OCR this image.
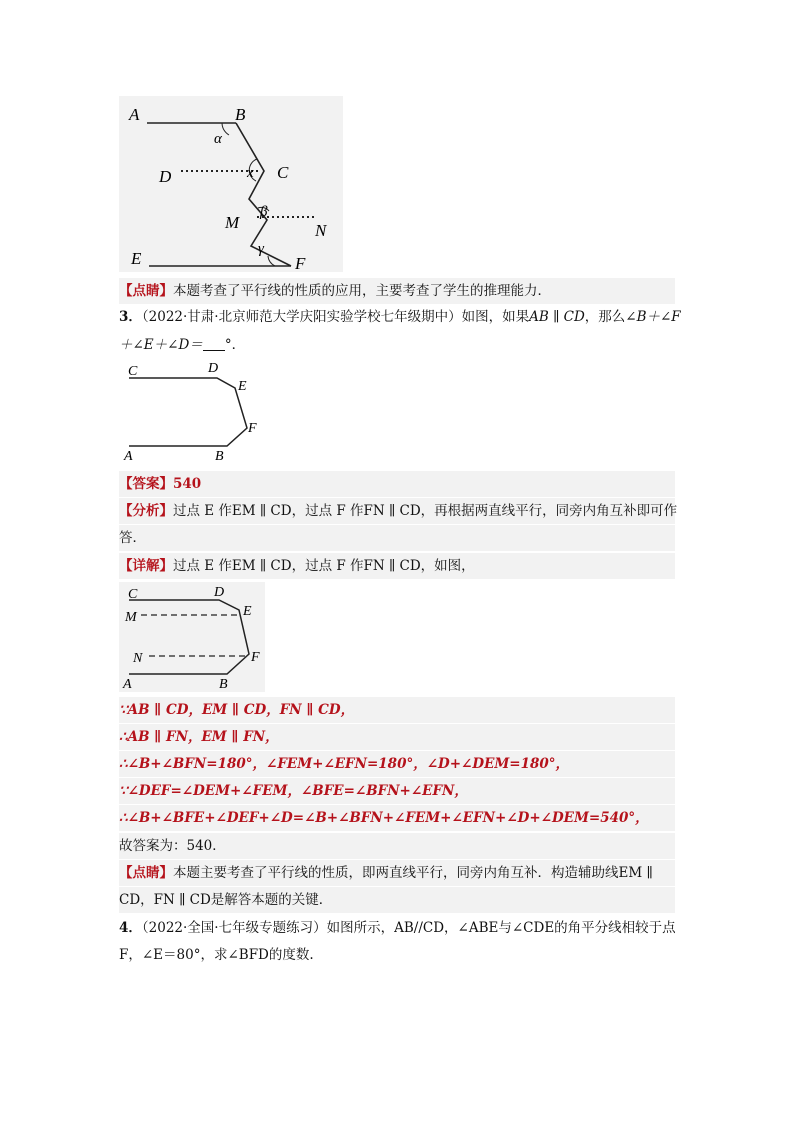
A	B
C
D
E	F
M	N
α
x
β
γ
【点睛】本题考查了平行线的性质的应用，主要考查了学生的推理能力．
3．（2022·甘肃·北京师范大学庆阳实验学校七年级期中）如图，如果AB ∥ CD，那么∠B＋∠F
＋∠E＋∠D＝ °．
C	D
E
F
A	B
【答案】540
【分析】过点 E 作EM ∥ CD，过点 F 作FN ∥ CD，再根据两直线平行，同旁内角互补即可作
答．
【详解】过点 E 作EM ∥ CD，过点 F 作FN ∥ CD，如图，
C	D
M	E
N	F
A	B
∵AB ∥ CD，EM ∥ CD，FN ∥ CD，
∴AB ∥ FN，EM ∥ FN，
∴∠B+∠BFN=180°，∠FEM+∠EFN=180°，∠D+∠DEM=180°，
∵∠DEF=∠DEM+∠FEM，∠BFE=∠BFN+∠EFN，
∴∠B+∠BFE+∠DEF+∠D=∠B+∠BFN+∠FEM+∠EFN+∠D+∠DEM=540°，
故答案为：540．
【点睛】本题主要考查了平行线的性质，即两直线平行，同旁内角互补．构造辅助线EM ∥
CD，FN ∥ CD是解答本题的关键．
4．（2022·全国·七年级专题练习）如图所示，AB//CD，∠ABE与∠CDE的角平分线相较于点
F，∠E＝80°，求∠BFD的度数.
